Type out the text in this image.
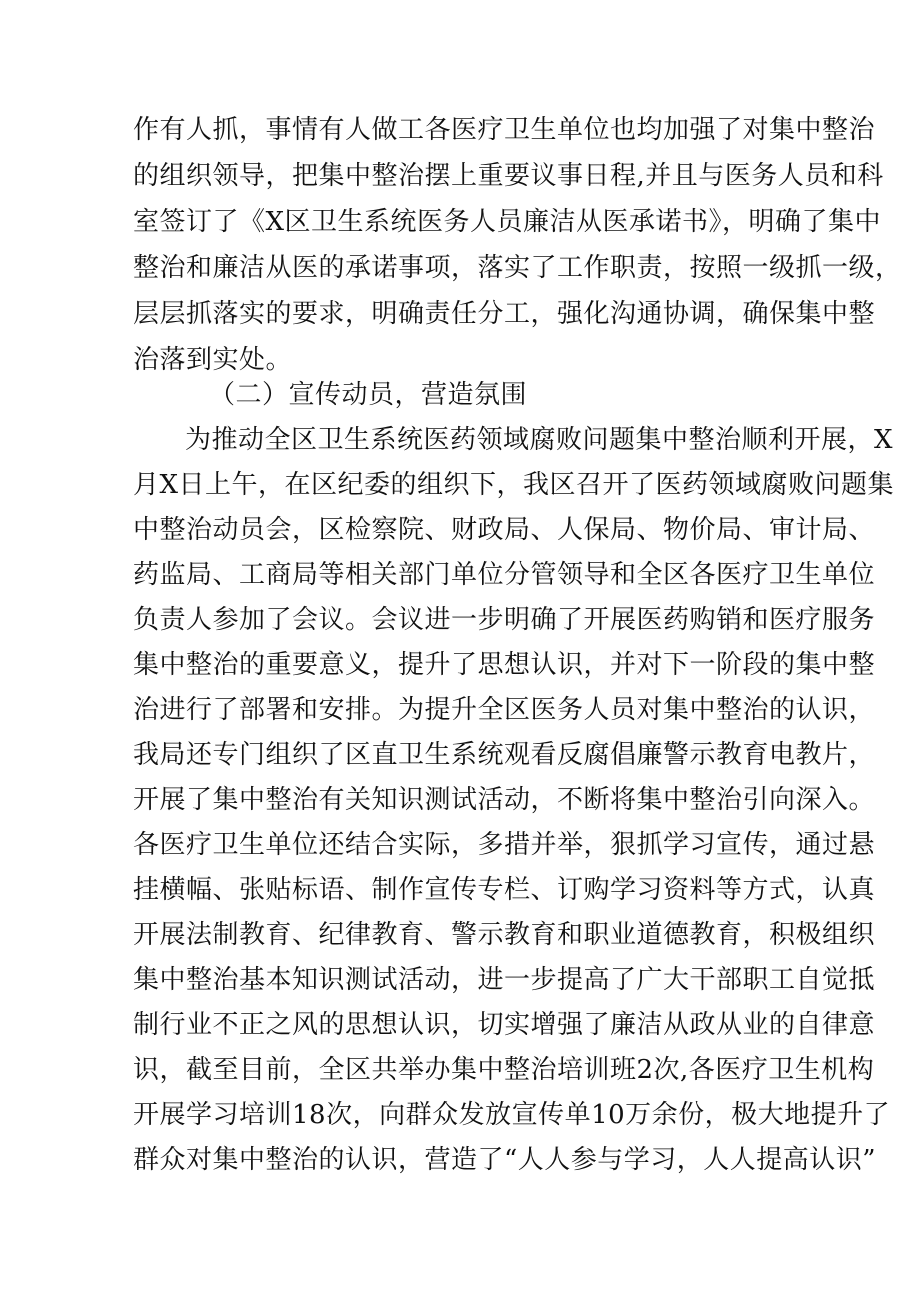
作有人抓，事情有人做工各医疗卫生单位也均加强了对集中整治
的组织领导，把集中整治摆上重要议事日程,并且与医务人员和科
室签订了《X区卫生系统医务人员廉洁从医承诺书》，明确了集中
整治和廉洁从医的承诺事项，落实了工作职责，按照一级抓一级，
层层抓落实的要求，明确责任分工，强化沟通协调，确保集中整
治落到实处。
（二）宣传动员，营造氛围
为推动全区卫生系统医药领域腐败问题集中整治顺利开展，X
月X日上午，在区纪委的组织下，我区召开了医药领域腐败问题集
中整治动员会，区检察院、财政局、人保局、物价局、审计局、
药监局、工商局等相关部门单位分管领导和全区各医疗卫生单位
负责人参加了会议。会议进一步明确了开展医药购销和医疗服务
集中整治的重要意义，提升了思想认识，并对下一阶段的集中整
治进行了部署和安排。为提升全区医务人员对集中整治的认识，
我局还专门组织了区直卫生系统观看反腐倡廉警示教育电教片，
开展了集中整治有关知识测试活动，不断将集中整治引向深入。
各医疗卫生单位还结合实际，多措并举，狠抓学习宣传，通过悬
挂横幅、张贴标语、制作宣传专栏、订购学习资料等方式，认真
开展法制教育、纪律教育、警示教育和职业道德教育，积极组织
集中整治基本知识测试活动，进一步提高了广大干部职工自觉抵
制行业不正之风的思想认识，切实增强了廉洁从政从业的自律意
识，截至目前，全区共举办集中整治培训班2次,各医疗卫生机构
开展学习培训18次，向群众发放宣传单10万余份，极大地提升了
群众对集中整治的认识，营造了“人人参与学习，人人提高认识”
